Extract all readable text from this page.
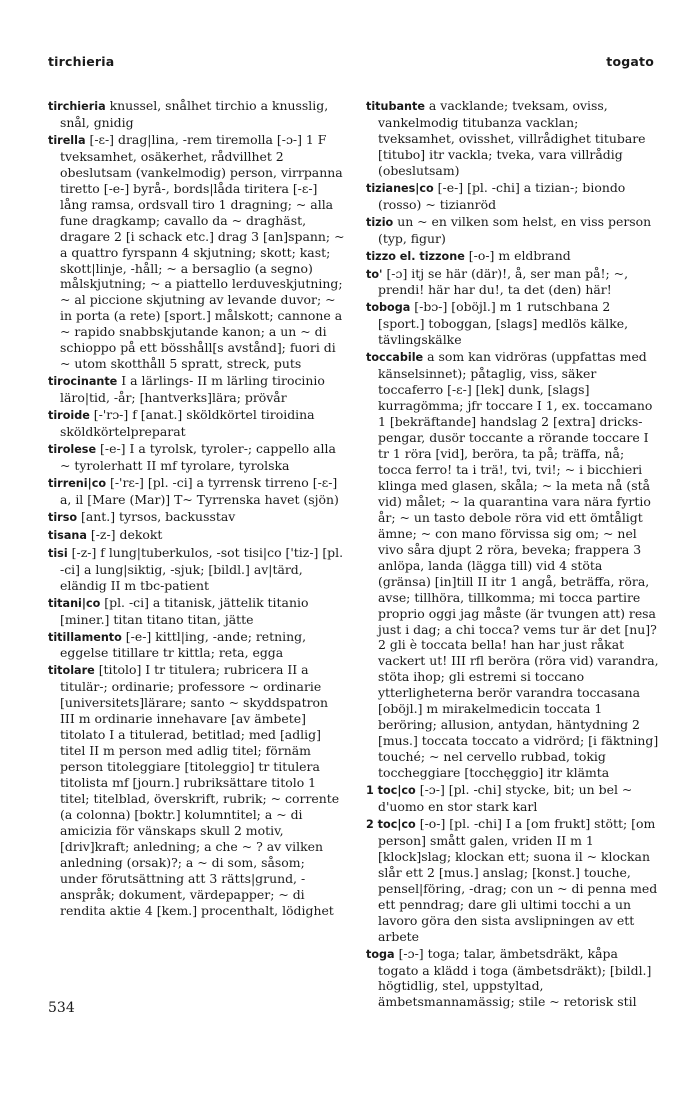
tirchieria	togato

tirchieria knussel, snålhet tirchio a knusslig, snål, gnidig

tirella [-ɛ-] drag|lina, -rem tiremolla [-ɔ-] 1 F tveksamhet, osäkerhet, rådvillhet 2 obeslutsam (vankelmodig) person, virrpanna tiretto [-e-] byrå-, bords|låda tiritera [-ɛ-] lång ramsa, ordsvall tiro 1 dragning; ~ alla fune dragkamp; cavallo da ~ draghäst, dragare 2 [i schack etc.] drag 3 [an]spann; ~ a quattro fyrspann 4 skjutning; skott; kast; skott|linje, -håll; ~ a bersaglio (a segno) målskjutning; ~ a piattello lerduveskjutning; ~ al piccione skjutning av levande duvor; ~ in porta (a rete) [sport.] målskott; cannone a ~ rapido snabbskjutande kanon; a un ~ di schioppo på ett bösshåll[s avstånd]; fuori di ~ utom skotthåll 5 spratt, streck, puts

tirocinante I a lärlings- II m lärling tirocinio läro|tid, -år; [hantverks]lära; prövår

tiroide [-'rɔ-] f [anat.] sköldkörtel tiroidina sköldkörtelpreparat

tirolese [-e-] I a tyrolsk, tyroler-; cappello alla ~ tyrolerhatt II mf tyrolare, tyrolska

tirreni|co [-'rɛ-] [pl. -ci] a tyrrensk tirreno [-ɛ-] a, il [Mare (Mar)] T~ Tyrrenska havet (sjön)

tirso [ant.] tyrsos, backusstav

tisana [-z-] dekokt

tisi [-z-] f lung|tuberkulos, -sot tisi|co ['tiz-] [pl. -ci] a lung|siktig, -sjuk; [bildl.] av|tärd, eländig II m tbc-patient

titani|co [pl. -ci] a titanisk, jättelik titanio [miner.] titan titano titan, jätte

titillamento [-e-] kittl|ing, -ande; retning, eggelse titillare tr kittla; reta, egga

titolare [titolo] I tr titulera; rubricera II a titulär-; ordinarie; professore ~ ordinarie [universitets]lärare; santo ~ skyddspatron III m ordinarie innehavare [av ämbete] titolato I a titulerad, betitlad; med [adlig] titel II m person med adlig titel; förnäm person titoleggiare [titoleggio] tr titulera titolista mf [journ.] rubriksättare titolo 1 titel; titelblad, överskrift, rubrik; ~ corrente (a colonna) [boktr.] kolumntitel; a ~ di amicizia för vänskaps skull 2 motiv, [driv]kraft; anledning; a che ~ ? av vilken anledning (orsak)?; a ~ di som, såsom; under förutsättning att 3 rätts|grund, -anspråk; dokument, värdepapper; ~ di rendita aktie 4 [kem.] procenthalt, lödighet

titubante a vacklande; tveksam, oviss, vankelmodig titubanza vacklan; tveksamhet, ovisshet, villrådighet titubare [titubo] itr vackla; tveka, vara villrådig (obeslutsam)

tizianes|co [-e-] [pl. -chi] a tizian-; biondo (rosso) ~ tizianröd

tizio un ~ en vilken som helst, en viss person (typ, figur)

tizzo el. tizzone [-o-] m eldbrand

to' [-ɔ] itj se här (där)!, å, ser man på!; ~, prendi! här har du!, ta det (den) här!

toboga [-bɔ-] [oböjl.] m 1 rutschbana 2 [sport.] toboggan, [slags] medlös kälke, tävlingskälke

toccabile a som kan vidröras (uppfattas med känselsinnet); påtaglig, viss, säker toccaferro [-ɛ-] [lek] dunk, [slags] kurragömma; jfr toccare I 1, ex. toccamano 1 [bekräftande] handslag 2 [extra] dricks-pengar, dusör toccante a rörande toccare I tr 1 röra [vid], beröra, ta på; träffa, nå; tocca ferro! ta i trä!, tvi, tvi!; ~ i bicchieri klinga med glasen, skåla; ~ la meta nå (stå vid) målet; ~ la quarantina vara nära fyrtio år; ~ un tasto debole röra vid ett ömtåligt ämne; ~ con mano förvissa sig om; ~ nel vivo såra djupt 2 röra, beveka; frappera 3 anlöpa, landa (lägga till) vid 4 stöta (gränsa) [in]till II itr 1 angå, beträffa, röra, avse; tillhöra, tillkomma; mi tocca partire proprio oggi jag måste (är tvungen att) resa just i dag; a chi tocca? vems tur är det [nu]? 2 gli è toccata bella! han har just råkat vackert ut! III rfl beröra (röra vid) varandra, stöta ihop; gli estremi si toccano ytterligheterna berör varandra toccasana [oböjl.] m mirakelmedicin toccata 1 beröring; allusion, antydan, häntydning 2 [mus.] toccata toccato a vidrörd; [i fäktning] touché; ~ nel cervello rubbad, tokig toccheggiare [tocchęggio] itr klämta

1 toc|co [-ɔ-] [pl. -chi] stycke, bit; un bel ~ d'uomo en stor stark karl

2 toc|co [-o-] [pl. -chi] I a [om frukt] stött; [om person] smått galen, vriden II m 1 [klock]slag; klockan ett; suona il ~ klockan slår ett 2 [mus.] anslag; [konst.] touche, pensel|föring, -drag; con un ~ di penna med ett penndrag; dare gli ultimi tocchi a un lavoro göra den sista avslipningen av ett arbete

toga [-ɔ-] toga; talar, ämbetsdräkt, kåpa togato a klädd i toga (ämbetsdräkt); [bildl.] högtidlig, stel, uppstyltad, ämbetsmannamässig; stile ~ retorisk stil

534
